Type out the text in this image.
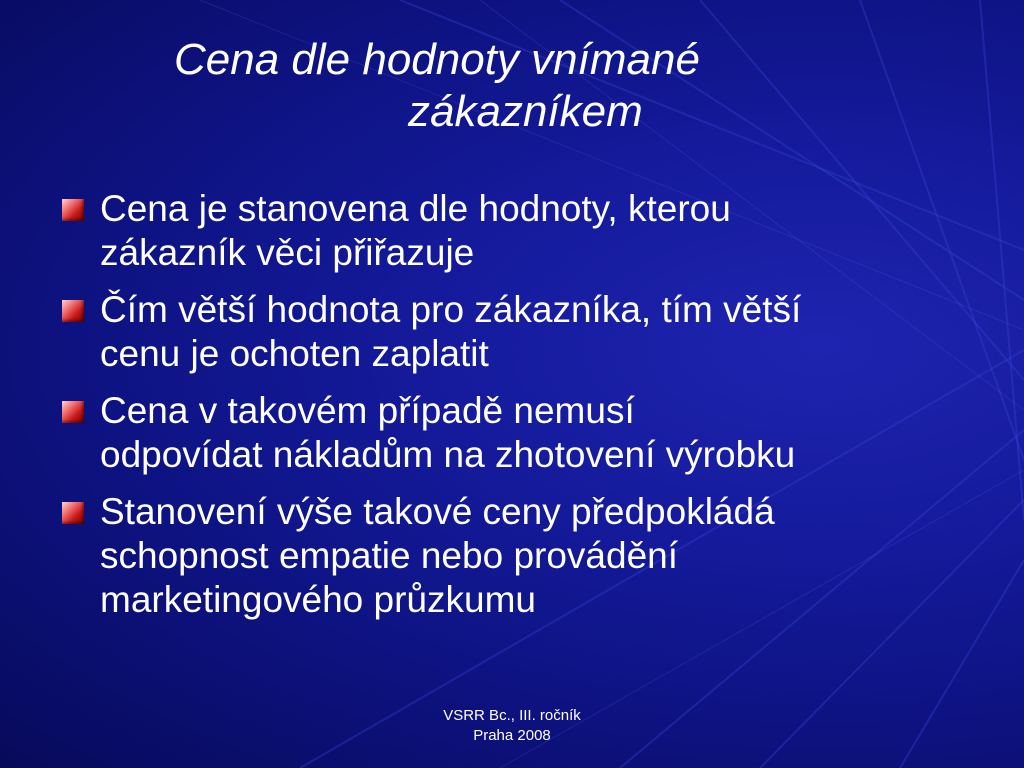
Cena dle hodnoty vnímané
zákazníkem
Cena je stanovena dle hodnoty, kterou
zákazník věci přiřazuje
Čím větší hodnota pro zákazníka, tím větší
cenu je ochoten zaplatit
Cena v takovém případě nemusí
odpovídat nákladům na zhotovení výrobku
Stanovení výše takové ceny předpokládá
schopnost empatie nebo provádění
marketingového průzkumu
VSRR Bc., III. ročník
Praha 2008
